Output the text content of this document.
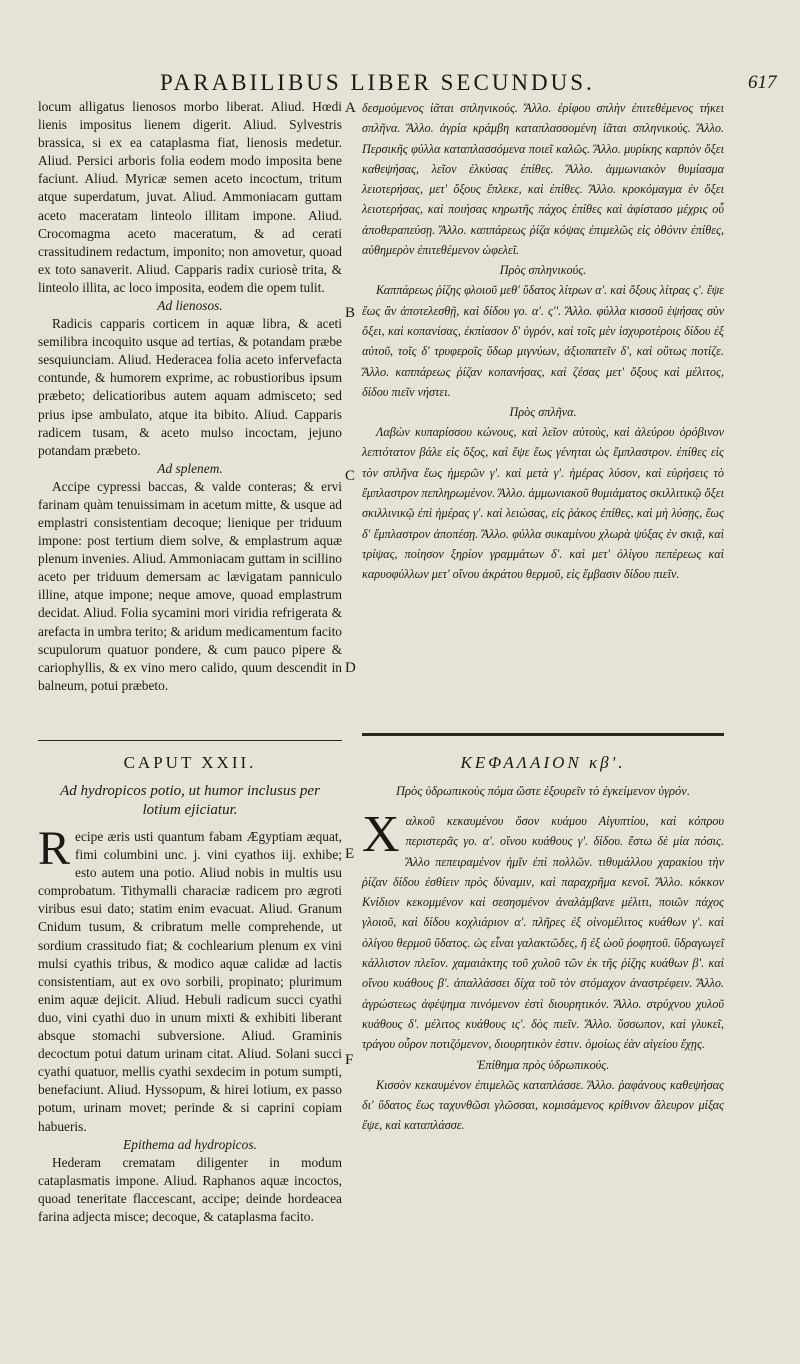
PARABILIBUS LIBER SECUNDUS.	617
A
B
C
D
E
F

locum alligatus lienosos morbo liberat. Aliud. Hœdi lienis impositus lienem digerit. Aliud. Sylvestris brassica, si ex ea cataplasma fiat, lienosis medetur. Aliud. Persici arboris folia eodem modo imposita bene faciunt. Aliud. Myricæ semen aceto incoctum, tritum atque superdatum, juvat. Aliud. Ammoniacam guttam aceto maceratam linteolo illitam impone. Aliud. Crocomagma aceto maceratum, & ad cerati crassitudinem redactum, imponito; non amovetur, quoad ex toto sanaverit. Aliud. Capparis radix curiosè trita, & linteolo illita, ac loco imposita, eodem die opem tulit.

Ad lienosos.

Radicis capparis corticem in aquæ libra, & aceti semilibra incoquito usque ad tertias, & potandam præbe sesquiunciam. Aliud. Hederacea folia aceto infervefacta contunde, & humorem exprime, ac robustioribus ipsum præbeto; delicatioribus autem aquam admisceto; sed prius ipse ambulato, atque ita bibito. Aliud. Capparis radicem tusam, & aceto mulso incoctam, jejuno potandam præbeto.

Ad splenem.

Accipe cypressi baccas, & valde conteras; & ervi farinam quàm tenuissimam in acetum mitte, & usque ad emplastri consistentiam decoque; lienique per triduum impone: post tertium diem solve, & emplastrum aquæ plenum invenies. Aliud. Ammoniacam guttam in scillino aceto per triduum demersam ac lævigatam panniculo illine, atque impone; neque amove, quoad emplastrum decidat. Aliud. Folia sycamini mori viridia refrigerata & arefacta in umbra terito; & aridum medicamentum facito scupulorum quatuor pondere, & cum pauco pipere & cariophyllis, & ex vino mero calido, quum descendit in balneum, potui præbeto.

δεσμούμενος ἰᾶται σπληνικούς. Ἄλλο. ἐρίφου σπλὴν ἐπιτεθέμενος τήκει σπλῆνα. Ἄλλο. ἀγρία κράμβη καταπλασσομένη ἰᾶται σπληνικούς. Ἄλλο. Περσικῆς φύλλα καταπλασσόμενα ποιεῖ καλῶς. Ἄλλο. μυρίκης καρπὸν ὄξει καθεψήσας, λεῖον ἐλκύσας ἐπίθες. Ἄλλο. ἀμμωνιακὸν θυμίασμα λειοτερήσας, μετ' ὄξους ἔπλεκε, καὶ ἐπίθες. Ἄλλο. κροκόμαγμα ἐν ὄξει λειοτερήσας, καὶ ποιήσας κηρωτῆς πάχος ἐπίθες καὶ ἀφίστασο μέχρις οὗ ἀποθεραπεύσῃ. Ἄλλο. καππάρεως ῥίζα κόψας ἐπιμελῶς εἰς ὀθόνιν ἐπίθες, αὐθημερὸν ἐπιτεθέμενον ὠφελεῖ.

Πρὸς σπληνικούς.

Καππάρεως ῥίζης φλοιοῦ μεθ' ὕδατος λίτρων α'. καὶ ὄξους λίτρας ς'. ἕψε ἕως ἂν ἀποτελεσθῇ, καὶ δίδου γο. α'. ς''. Ἄλλο. φύλλα κισσοῦ ἑψήσας σὺν ὄξει, καὶ κοπανίσας, ἐκπίασον δ' ὑγρόν, καὶ τοῖς μὲν ἰσχυροτέροις δίδου ἐξ αὐτοῦ, τοῖς δ' τρυφεροῖς ὕδωρ μιγνύων, ἀξιοπατεῖν δ', καὶ οὕτως ποτίζε. Ἄλλο. καππάρεως ῥίζαν κοπανήσας, καὶ ζέσας μετ' ὄξους καὶ μέλιτος, δίδου πιεῖν νήστει.

Πρὸς σπλῆνα.

Λαβὼν κυπαρίσσου κώνους, καὶ λεῖον αὐτοὺς, καὶ ἀλεύρου ὀρόβινον λεπτότατον βάλε εἰς ὄξος, καὶ ἕψε ἕως γένηται ὡς ἔμπλαστρον. ἐπίθες εἰς τὸν σπλῆνα ἕως ἡμερῶν γ'. καὶ μετὰ γ'. ἡμέρας λύσον, καὶ εὑρήσεις τὸ ἔμπλαστρον πεπληρωμένον. Ἄλλο. ἀμμωνιακοῦ θυμιάματος σκιλλιτικῷ ὄξει σκιλλινικῷ ἐπὶ ἡμέρας γ'. καὶ λειώσας, εἰς ῥάκος ἐπίθες, καὶ μὴ λύσῃς, ἕως δ' ἔμπλαστρον ἀποπέσῃ. Ἄλλο. φύλλα συκαμίνου χλωρὰ ψύξας ἐν σκιᾷ, καὶ τρίψας, ποίησον ξηρίον γραμμάτων δ'. καὶ μετ' ὀλίγου πεπέρεως καὶ καρυοφύλλων μετ' οἴνου ἀκράτου θερμοῦ, εἰς ἔμβασιν δίδου πιεῖν.

CAPUT XXII.
Ad hydropicos potio, ut humor inclusus per lotium ejiciatur.

R ecipe æris usti quantum fabam Ægyptiam æquat, fimi columbini unc. j. vini cyathos iij. exhibe; esto autem una potio. Aliud nobis in multis usu comprobatum. Tithymalli characiæ radicem pro ægroti viribus esui dato; statim enim evacuat. Aliud. Granum Cnidum tusum, & cribratum melle comprehende, ut sordium crassitudo fiat; & cochlearium plenum ex vini mulsi cyathis tribus, & modico aquæ calidæ ad lactis consistentiam, aut ex ovo sorbili, propinato; plurimum enim aquæ dejicit. Aliud. Hebuli radicum succi cyathi duo, vini cyathi duo in unum mixti & exhibiti liberant absque stomachi subversione. Aliud. Graminis decoctum potui datum urinam citat. Aliud. Solani succi cyathi quatuor, mellis cyathi sexdecim in potum sumpti, benefaciunt. Aliud. Hyssopum, & hirei lotium, ex passo potum, urinam movet; perinde & si caprini copiam habueris.

Epithema ad hydropicos.

Hederam crematam diligenter in modum cataplasmatis impone. Aliud. Raphanos aquæ incoctos, quoad teneritate flaccescant, accipe; deinde hordeacea farina adjecta misce; decoque, & cataplasma facito.

ΚΕΦΑΛΑΙΟΝ κβ'.
Πρὸς ὑδρωπικοὺς πόμα ὥστε ἐξουρεῖν τὸ ἐγκείμενον ὑγρόν.

Χ αλκοῦ κεκαυμένου ὅσον κυάμου Αἰγυπτίου, καὶ κόπρου περιστερᾶς γο. α'. οἴνου κυάθους γ'. δίδου. ἔστω δὲ μία πόσις. Ἄλλο πεπειραμένον ἡμῖν ἐπὶ πολλῶν. τιθυμάλλου χαρακίου τὴν ῥίζαν δίδου ἐσθίειν πρὸς δύναμιν, καὶ παραχρῆμα κενοῖ. Ἄλλο. κόκκον Κνίδιον κεκομμένον καὶ σεσησμένον ἀναλάμβανε μέλιτι, ποιῶν πάχος γλοιοῦ, καὶ δίδου κοχλιάριον α'. πλῆρες ἐξ οἰνομέλιτος κυάθων γ'. καὶ ὀλίγου θερμοῦ ὕδατος. ὡς εἶναι γαλακτῶδες, ἢ ἐξ ὠοῦ ῥοφητοῦ. ὕδραγωγεῖ κάλλιστον πλεῖον. χαμαιάκτης τοῦ χυλοῦ τῶν ἐκ τῆς ῥίζης κυάθων β'. καὶ οἴνου κυάθους β'. ἀπαλλάσσει δίχα τοῦ τὸν στόμαχον ἀναστρέφειν. Ἄλλο. ἀγρώστεως ἀφέψημα πινόμενον ἐστὶ διουρητικόν. Ἄλλο. στρύχνου χυλοῦ κυάθους δ'. μέλιτος κυάθους ις'. δὸς πιεῖν. Ἄλλο. ὕσσωπον, καὶ γλυκεῖ, τράγου οὖρον ποτιζόμενον, διουρητικὸν ἐστιν. ὁμοίως ἐὰν αἰγείου ἔχῃς.

Ἐπίθημα πρὸς ὑδρωπικούς.

Κισσὸν κεκαυμένον ἐπιμελῶς καταπλάσσε. Ἄλλο. ῥαφάνους καθεψήσας δι' ὕδατος ἕως ταχυνθῶσι γλῶσσαι, κομισάμενος κρίθινον ἄλευρον μίξας ἕψε, καὶ καταπλάσσε.
